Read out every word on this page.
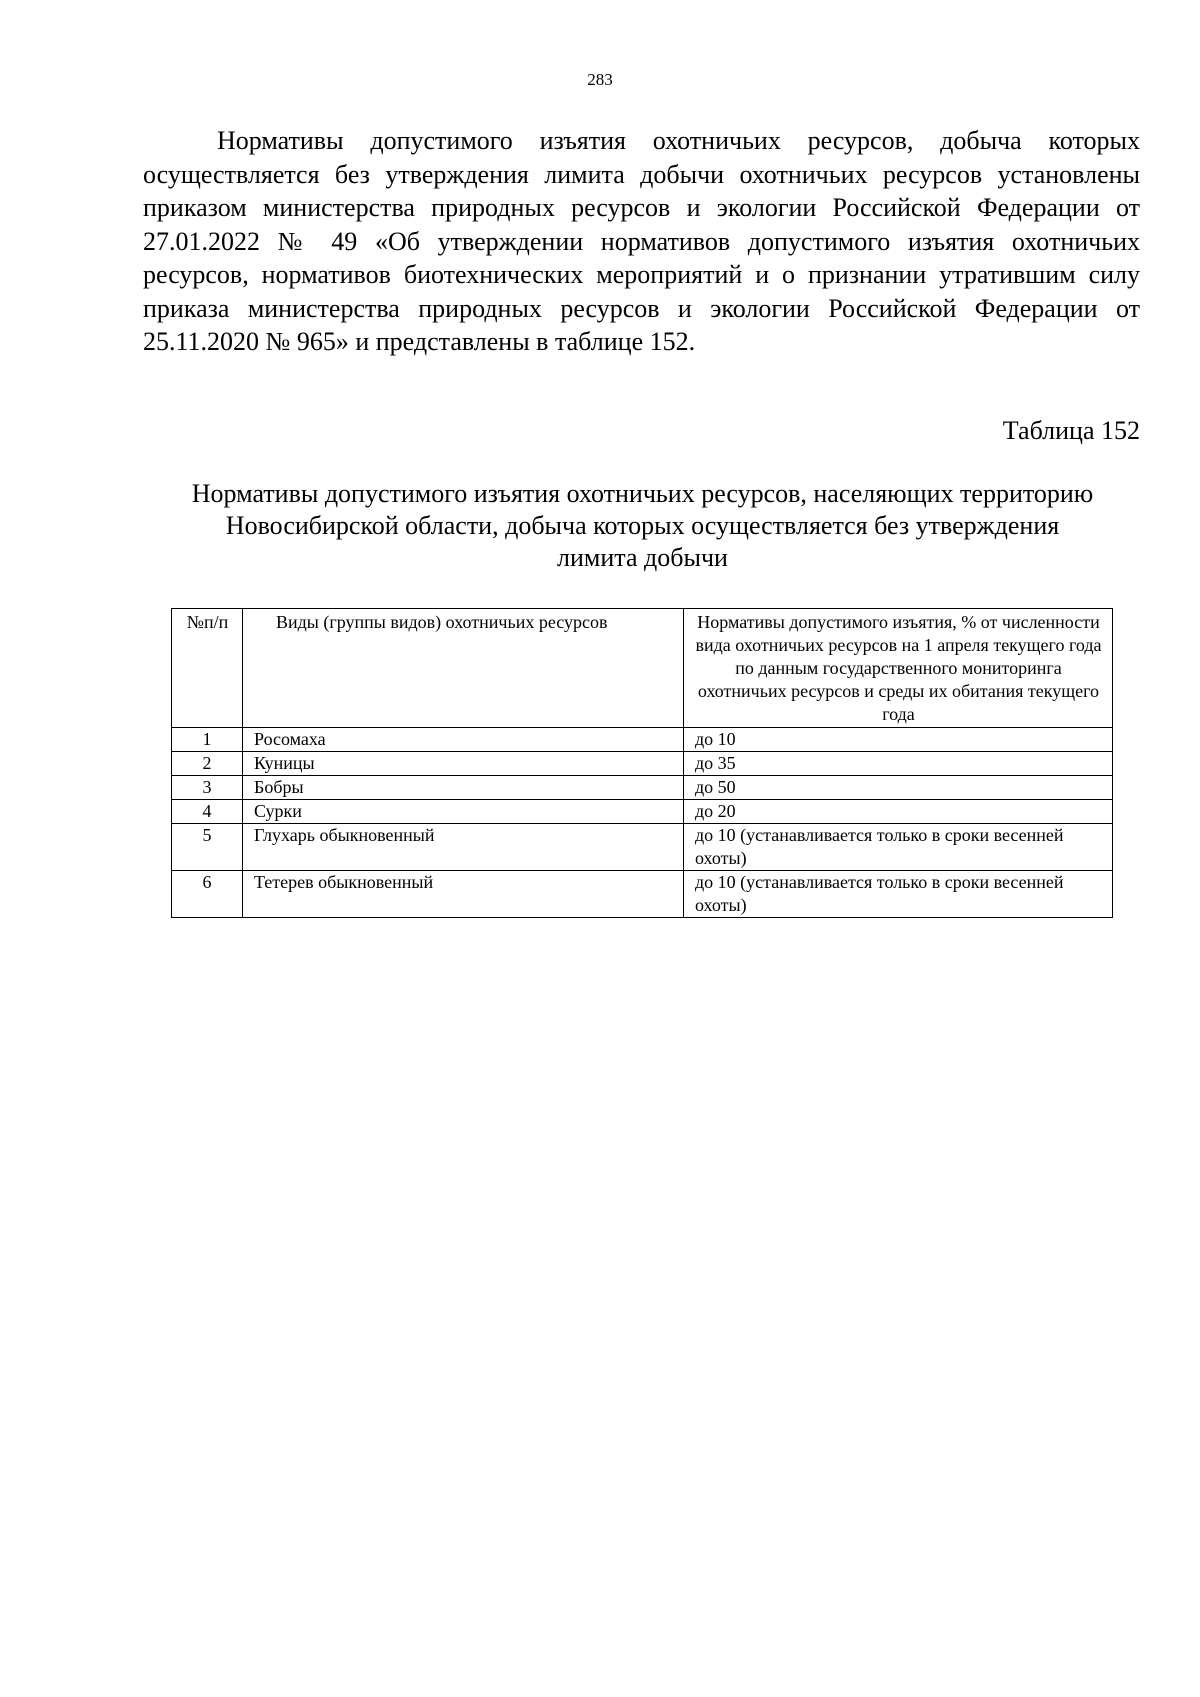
283

Нормативы допустимого изъятия охотничьих ресурсов, добыча которых осуществляется без утверждения лимита добычи охотничьих ресурсов установлены приказом министерства природных ресурсов и экологии Российской Федерации от 27.01.2022 № 49 «Об утверждении нормативов допустимого изъятия охотничьих ресурсов, нормативов биотехнических мероприятий и о признании утратившим силу приказа министерства природных ресурсов и экологии Российской Федерации от 25.11.2020 № 965» и представлены в таблице 152.

Таблица 152

Нормативы допустимого изъятия охотничьих ресурсов, населяющих территорию Новосибирской области, добыча которых осуществляется без утверждения лимита добычи

№п/п	Виды (группы видов) охотничьих ресурсов	Нормативы допустимого изъятия, % от численности вида охотничьих ресурсов на 1 апреля текущего года по данным государственного мониторинга охотничьих ресурсов и среды их обитания текущего года
1	Росомаха	до 10
2	Куницы	до 35
3	Бобры	до 50
4	Сурки	до 20
5	Глухарь обыкновенный	до 10 (устанавливается только в сроки весенней охоты)
6	Тетерев обыкновенный	до 10 (устанавливается только в сроки весенней охоты)
